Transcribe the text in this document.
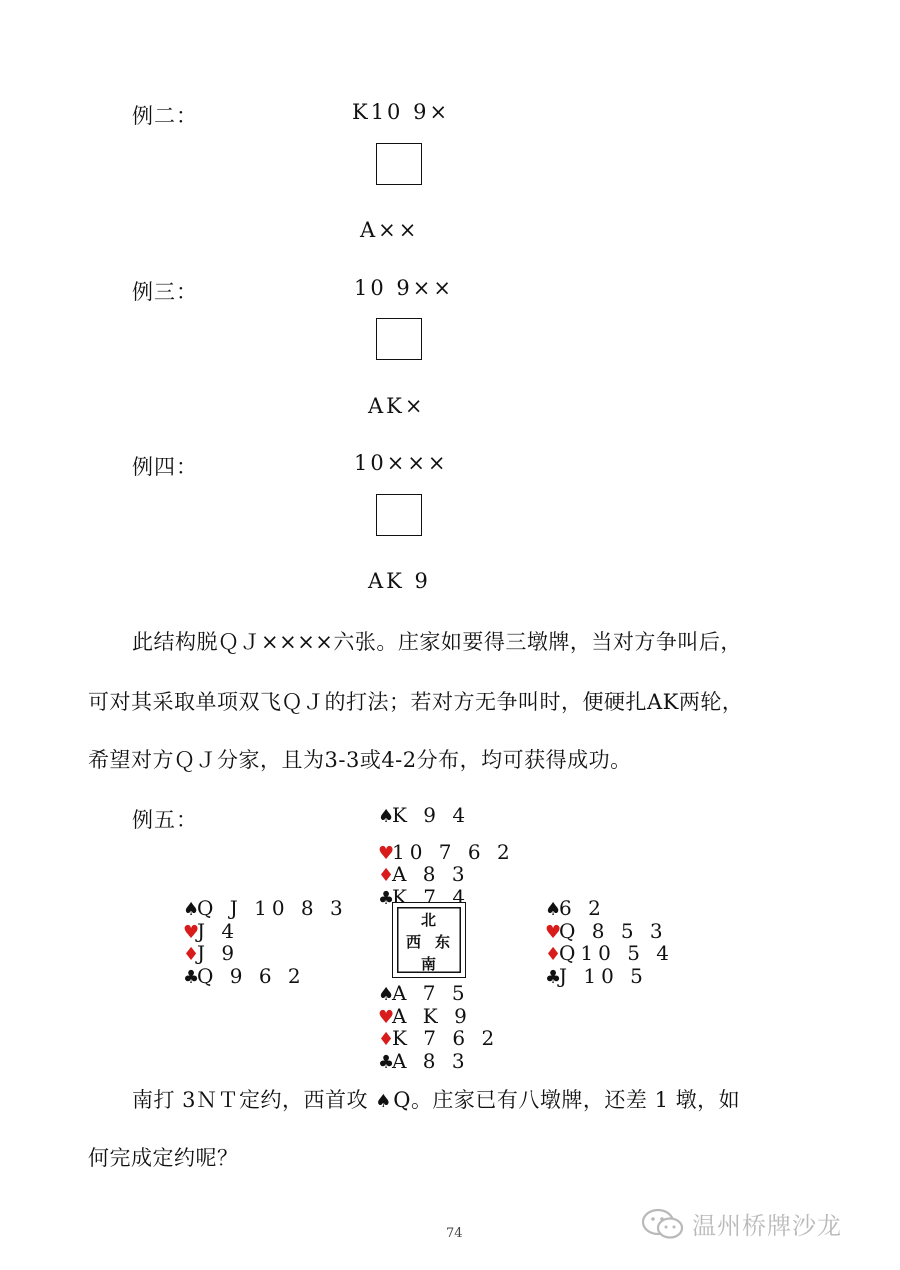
例二：	K10 9×
A××
例三：	10 9××
AK×
例四：	10×××
AK 9
此结构脱ＱＪ××××六张。庄家如要得三墩牌，当对方争叫后，
可对其采取单项双飞ＱＪ的打法；若对方无争叫时，便硬扎AK两轮，
希望对方ＱＪ分家，且为3-3或4-2分布，均可获得成功。
例五：	♠K 9 4
♥10 7 6 2
♦A 8 3
♣K 7 4
♠Q J 10 8 3
♥J 4
♦J 9
♣Q 9 6 2
北
西 东
南
♠6 2
♥Q 8 5 3
♦Q10 5 4
♣J 10 5
♠A 7 5
♥A K 9
♦K 7 6 2
♣A 8 3
南打 3ＮＴ定约，西首攻 ♠Q。庄家已有八墩牌，还差 1 墩，如
何完成定约呢？
74	温州桥牌沙龙
